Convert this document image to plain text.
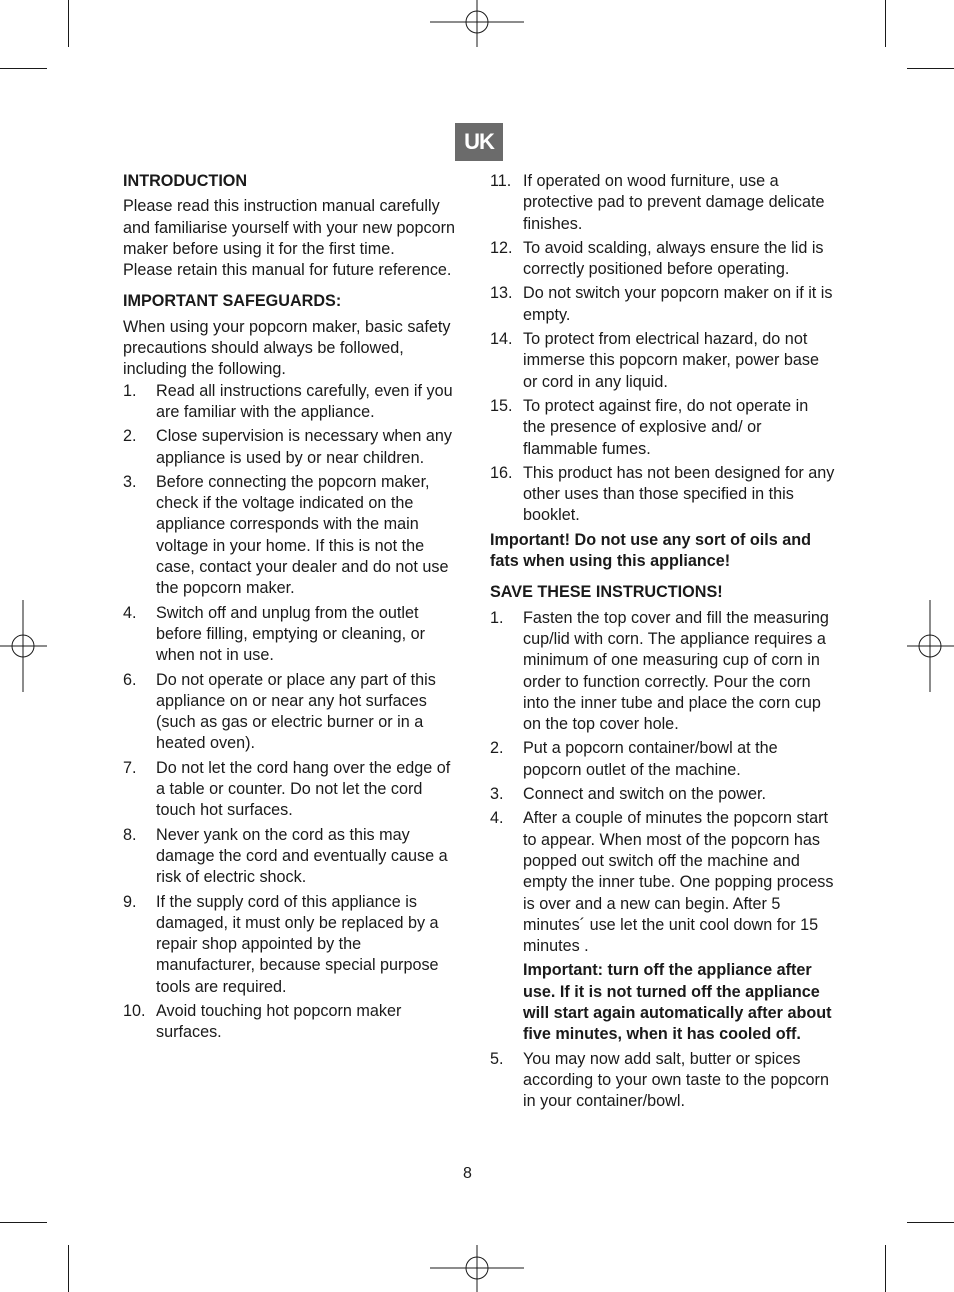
UK

INTRODUCTION

Please read this instruction manual carefully and familiarise yourself with your new popcorn maker before using it for the first time.

Please retain this manual for future reference.

IMPORTANT SAFEGUARDS:

When using your popcorn maker, basic safety precautions should always be followed, including the following.

1.	Read all instructions carefully, even if you are familiar with the appliance.
2.	Close supervision is necessary when any appliance is used by or near children.
3.	Before connecting the popcorn maker, check if the voltage indicated on the appliance corresponds with the main voltage in your home. If this is not the case, contact your dealer and do not use the popcorn maker.
4.	Switch off and unplug from the outlet before filling, emptying or cleaning, or when not in use.
6.	Do not operate or place any part of this appliance on or near any hot surfaces (such as gas or electric burner or in a heated oven).
7.	Do not let the cord hang over the edge of a table or counter. Do not let the cord touch hot surfaces.
8.	Never yank on the cord as this may damage the cord and eventually cause a risk of electric shock.
9.	If the supply cord of this appliance is damaged, it must only be replaced by a repair shop appointed by the manufacturer, because special purpose tools are required.
10. Avoid touching hot popcorn maker surfaces.
11. If operated on wood furniture, use a protective pad to prevent damage delicate finishes.
12. To avoid scalding, always ensure the lid is correctly positioned before operating.
13. Do not switch your popcorn maker on if it is empty.
14. To protect from electrical hazard, do not immerse this popcorn maker, power base or cord in any liquid.
15. To protect against fire, do not operate in the presence of explosive and/ or flammable fumes.
16. This product has not been designed for any other uses than those specified in this booklet.

Important! Do not use any sort of oils and fats when using this appliance!

SAVE THESE INSTRUCTIONS!

1.	Fasten the top cover and fill the measuring cup/lid with corn. The appliance requires a minimum of one measuring cup of corn in order to function correctly. Pour the corn into the inner tube and place the corn cup on the top cover hole.
2.	Put a popcorn container/bowl at the popcorn outlet of the machine.
3.	Connect and switch on the power.
4.	After a couple of minutes the popcorn start to appear. When most of the popcorn has popped out switch off the machine and empty the inner tube. One popping process is over and a new can begin. After 5 minutes´ use let the unit cool down for 15 minutes .

Important: turn off the appliance after use. If it is not turned off the appliance will start again automatically after about five minutes, when it has cooled off.

5.	You may now add salt, butter or spices according to your own taste to the popcorn in your container/bowl.
8
